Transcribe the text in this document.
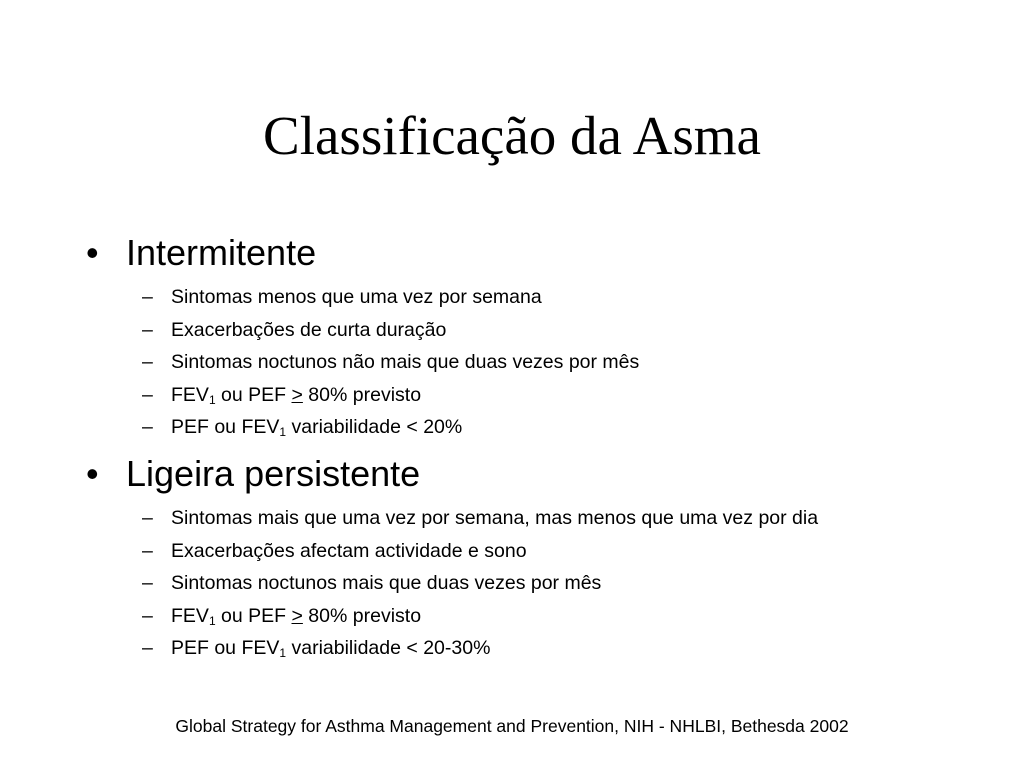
Classificação da Asma
• Intermitente
– Sintomas menos que uma vez por semana
– Exacerbações de curta duração
– Sintomas noctunos não mais que duas vezes por mês
– $FEV_1$ ou PEF > 80% previsto
– PEF ou $FEV_1$ variabilidade < 20%
• Ligeira persistente
– Sintomas mais que uma vez por semana, mas menos que uma vez por dia
– Exacerbações afectam actividade e sono
– Sintomas noctunos mais que duas vezes por mês
– $FEV_1$ ou PEF > 80% previsto
– PEF ou $FEV_1$ variabilidade < 20-30%
Global Strategy for Asthma Management and Prevention, NIH - NHLBI, Bethesda 2002
